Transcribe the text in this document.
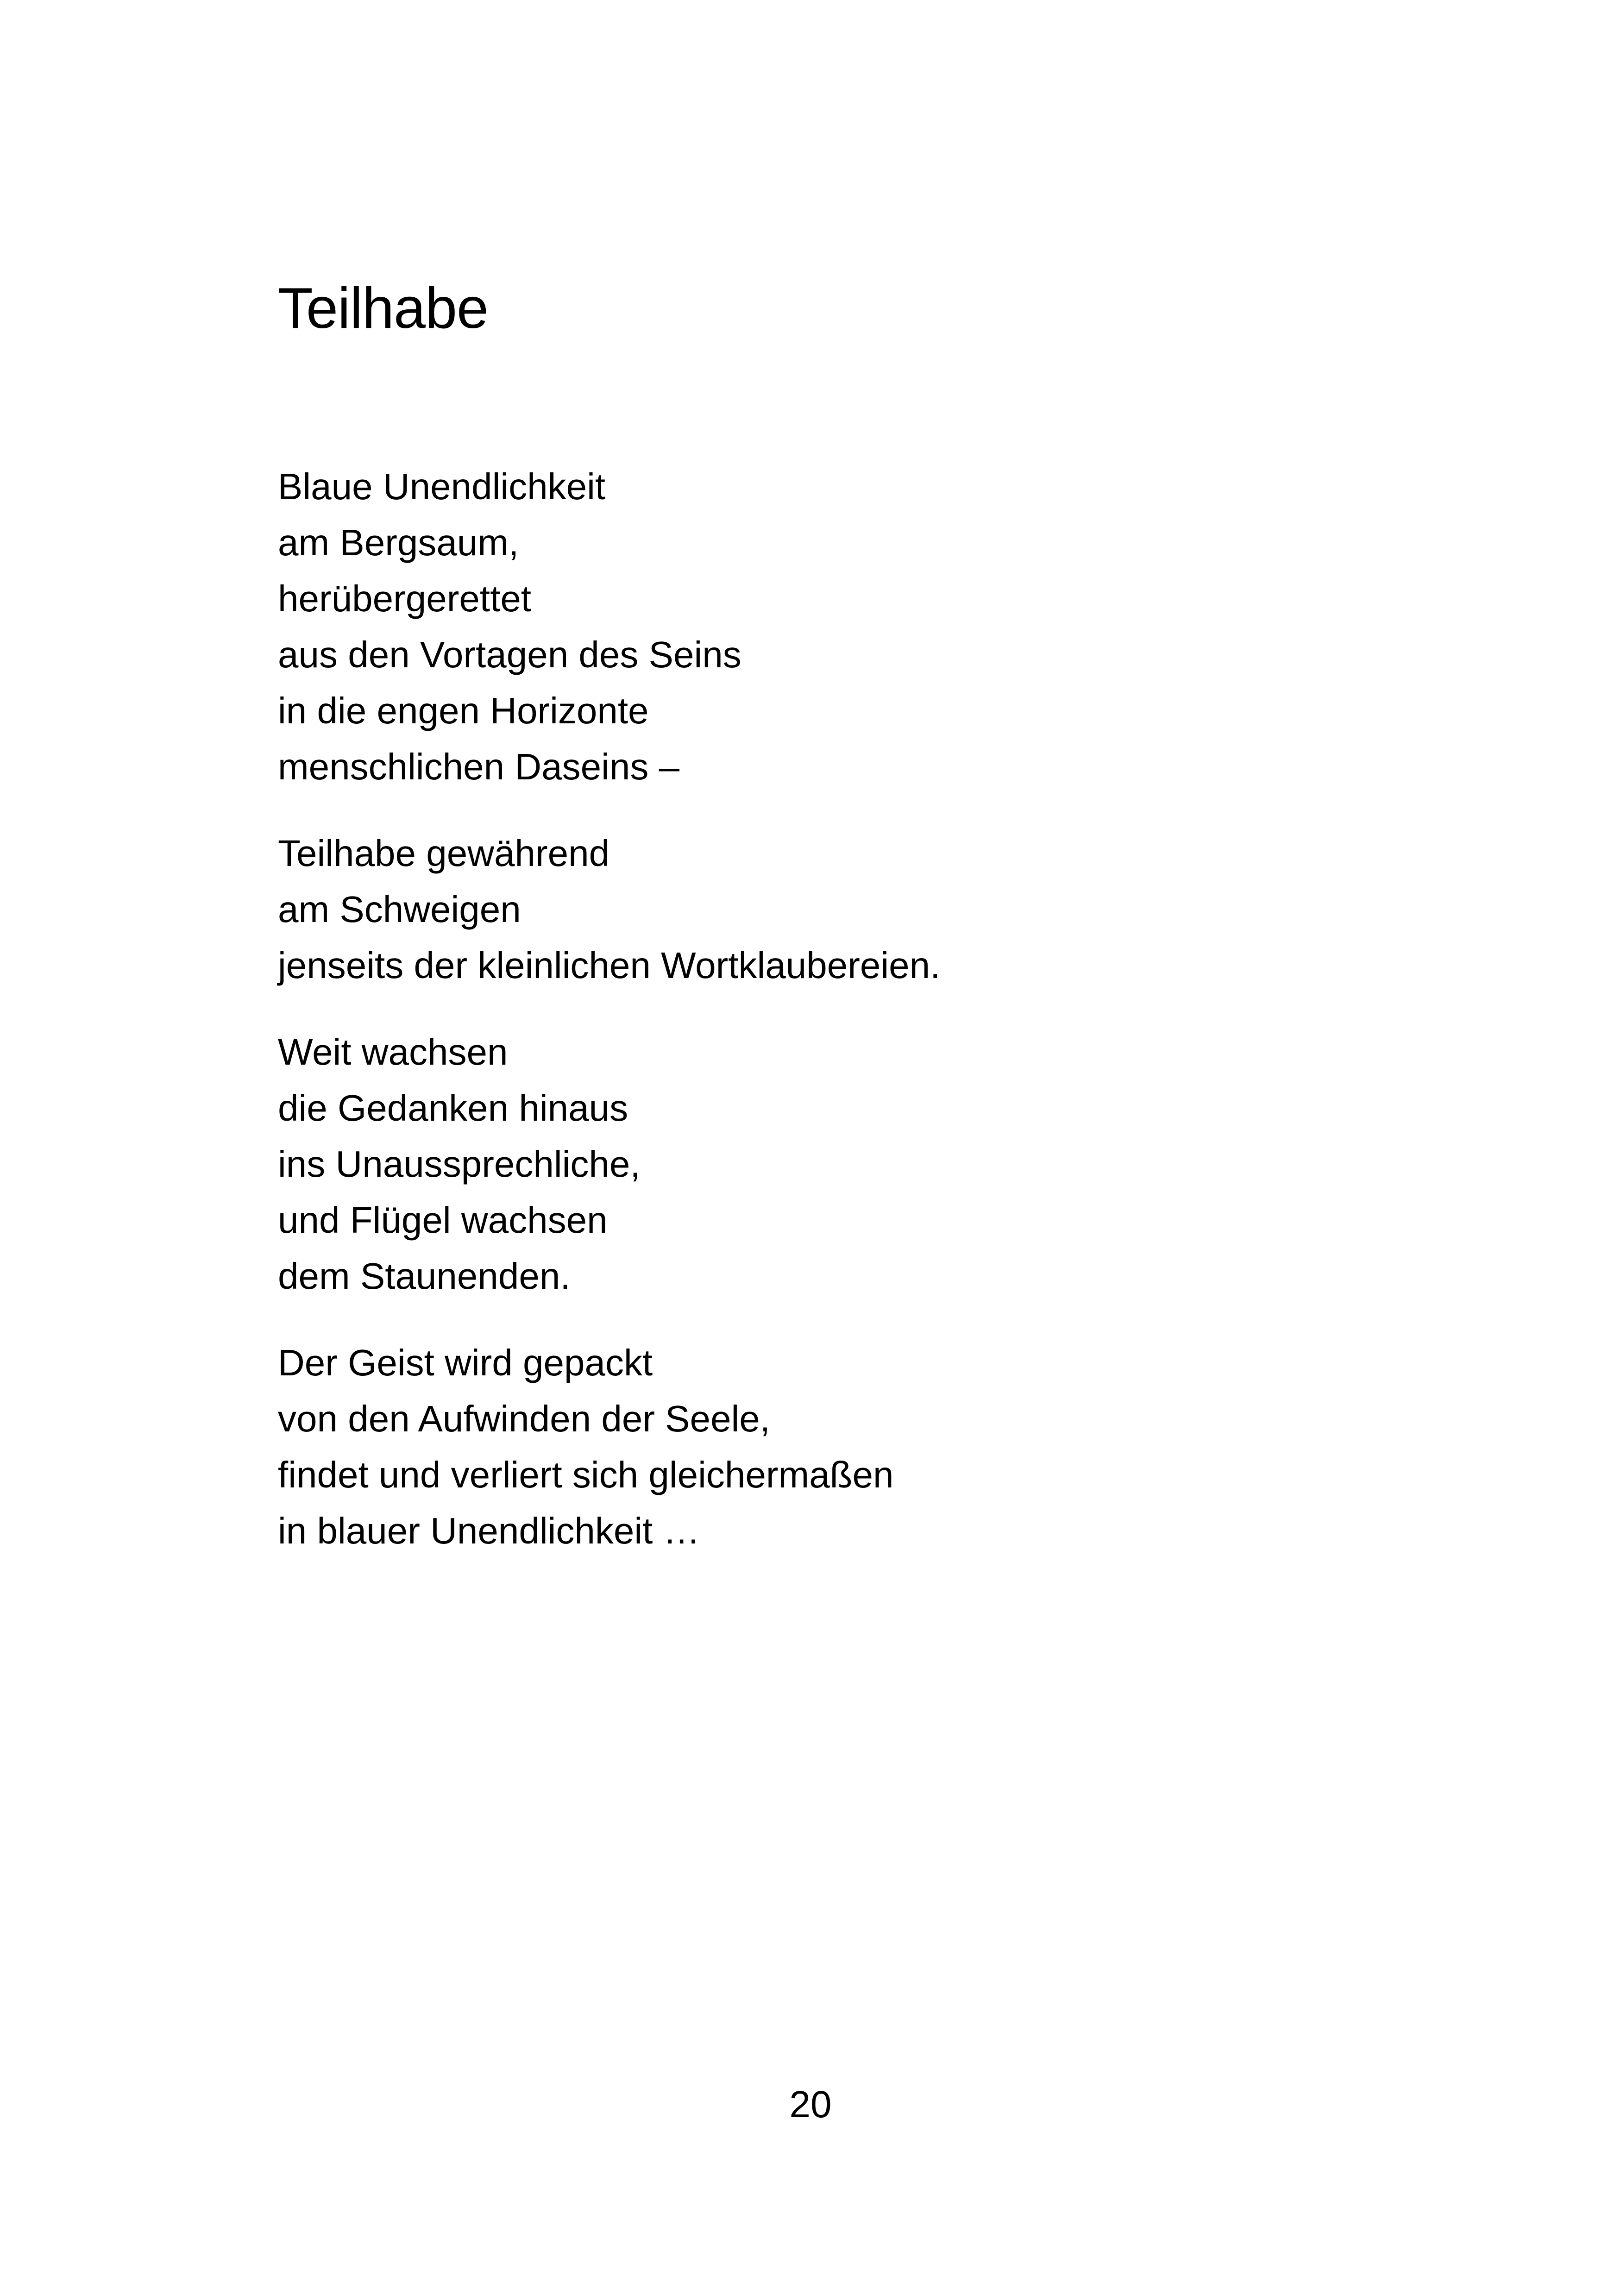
Teilhabe
Blaue Unendlichkeit
am Bergsaum,
herübergerettet
aus den Vortagen des Seins
in die engen Horizonte
menschlichen Daseins –
Teilhabe gewährend
am Schweigen
jenseits der kleinlichen Wortklaubereien.
Weit wachsen
die Gedanken hinaus
ins Unaussprechliche,
und Flügel wachsen
dem Staunenden.
Der Geist wird gepackt
von den Aufwinden der Seele,
findet und verliert sich gleichermaßen
in blauer Unendlichkeit …
20
